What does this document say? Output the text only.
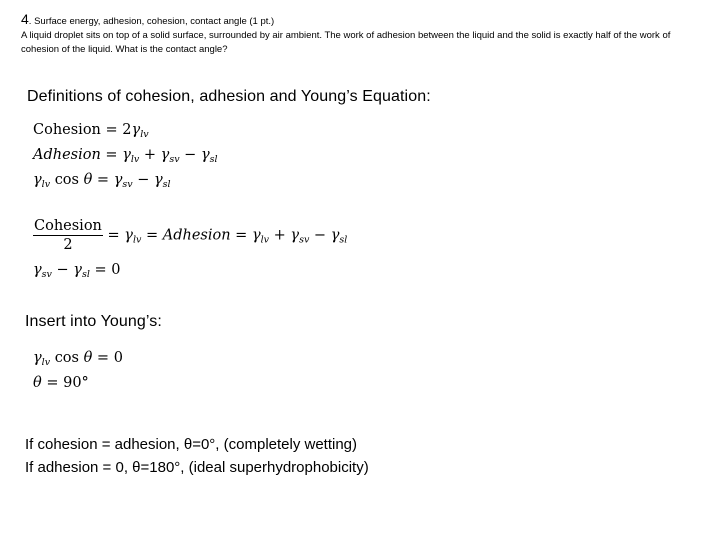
4. Surface energy, adhesion, cohesion, contact angle (1 pt.)
A liquid droplet sits on top of a solid surface, surrounded by air ambient. The work of adhesion between the liquid and the solid is exactly half of the work of cohesion of the liquid. What is the contact angle?
Definitions of cohesion, adhesion and Young’s Equation:
Cohesion = $2\gamma_{lv}$
Adhesion = $\gamma_{lv} + \gamma_{sv} - \gamma_{sl}$
$\gamma_{lv}$ $\cos \theta = \gamma_{sv} - \gamma_{sl}$
$\frac{\text{Cohesion}}{2} = \gamma_{lv}$ = Adhesion = $\gamma_{lv} + \gamma_{sv} - \gamma_{sl}$
$\gamma_{sv} - \gamma_{sl} = 0$
Insert into Young’s:
$\gamma_{lv}$ cos θ = 0
θ = 90°
If cohesion = adhesion, θ=0°, (completely wetting)
If adhesion = 0, θ=180°, (ideal superhydrophobicity)
